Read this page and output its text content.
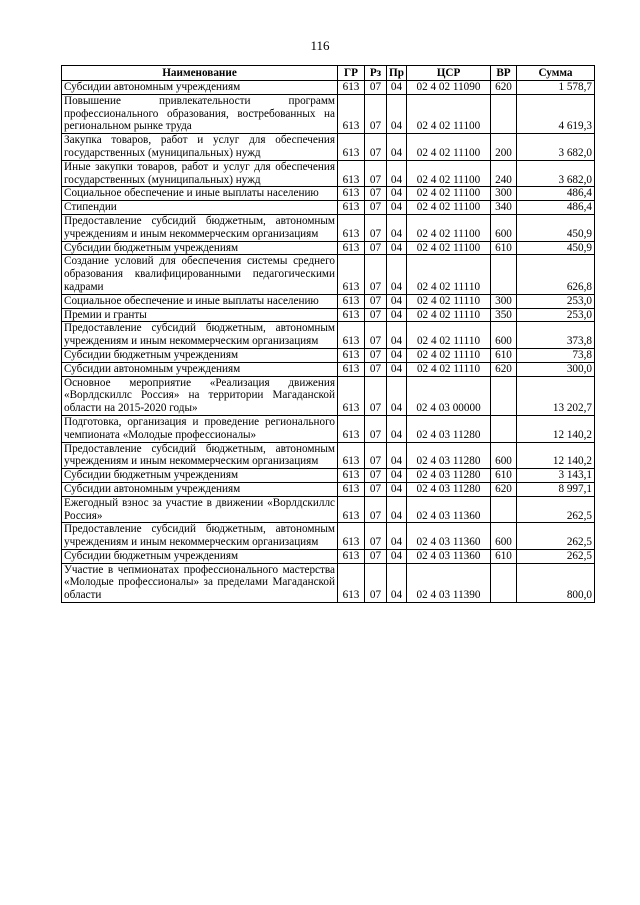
116
Наименование	ГР	Рз	Пр	ЦСР	ВР	Сумма
Субсидии автономным учреждениям	613	07	04	02 4 02 11090	620	1 578,7
Повышение привлекательности программ профессионального образования, востребованных на региональном рынке труда	613	07	04	02 4 02 11100		4 619,3
Закупка товаров, работ и услуг для обеспечения государственных (муниципальных) нужд	613	07	04	02 4 02 11100	200	3 682,0
Иные закупки товаров, работ и услуг для обеспечения государственных (муниципальных) нужд	613	07	04	02 4 02 11100	240	3 682,0
Социальное обеспечение и иные выплаты населению	613	07	04	02 4 02 11100	300	486,4
Стипендии	613	07	04	02 4 02 11100	340	486,4
Предоставление субсидий бюджетным, автономным учреждениям и иным некоммерческим организациям	613	07	04	02 4 02 11100	600	450,9
Субсидии бюджетным учреждениям	613	07	04	02 4 02 11100	610	450,9
Создание условий для обеспечения системы среднего образования квалифицированными педагогическими кадрами	613	07	04	02 4 02 11110		626,8
Социальное обеспечение и иные выплаты населению	613	07	04	02 4 02 11110	300	253,0
Премии и гранты	613	07	04	02 4 02 11110	350	253,0
Предоставление субсидий бюджетным, автономным учреждениям и иным некоммерческим организациям	613	07	04	02 4 02 11110	600	373,8
Субсидии бюджетным учреждениям	613	07	04	02 4 02 11110	610	73,8
Субсидии автономным учреждениям	613	07	04	02 4 02 11110	620	300,0
Основное мероприятие «Реализация движения «Ворлдскиллс Россия» на территории Магаданской области на 2015-2020 годы»	613	07	04	02 4 03 00000		13 202,7
Подготовка, организация и проведение регионального чемпионата «Молодые профессионалы»	613	07	04	02 4 03 11280		12 140,2
Предоставление субсидий бюджетным, автономным учреждениям и иным некоммерческим организациям	613	07	04	02 4 03 11280	600	12 140,2
Субсидии бюджетным учреждениям	613	07	04	02 4 03 11280	610	3 143,1
Субсидии автономным учреждениям	613	07	04	02 4 03 11280	620	8 997,1
Ежегодный взнос за участие в движении «Ворлдскиллс Россия»	613	07	04	02 4 03 11360		262,5
Предоставление субсидий бюджетным, автономным учреждениям и иным некоммерческим организациям	613	07	04	02 4 03 11360	600	262,5
Субсидии бюджетным учреждениям	613	07	04	02 4 03 11360	610	262,5
Участие в чепмионатах профессионального мастерства «Молодые профессионалы» за пределами Магаданской области	613	07	04	02 4 03 11390		800,0
